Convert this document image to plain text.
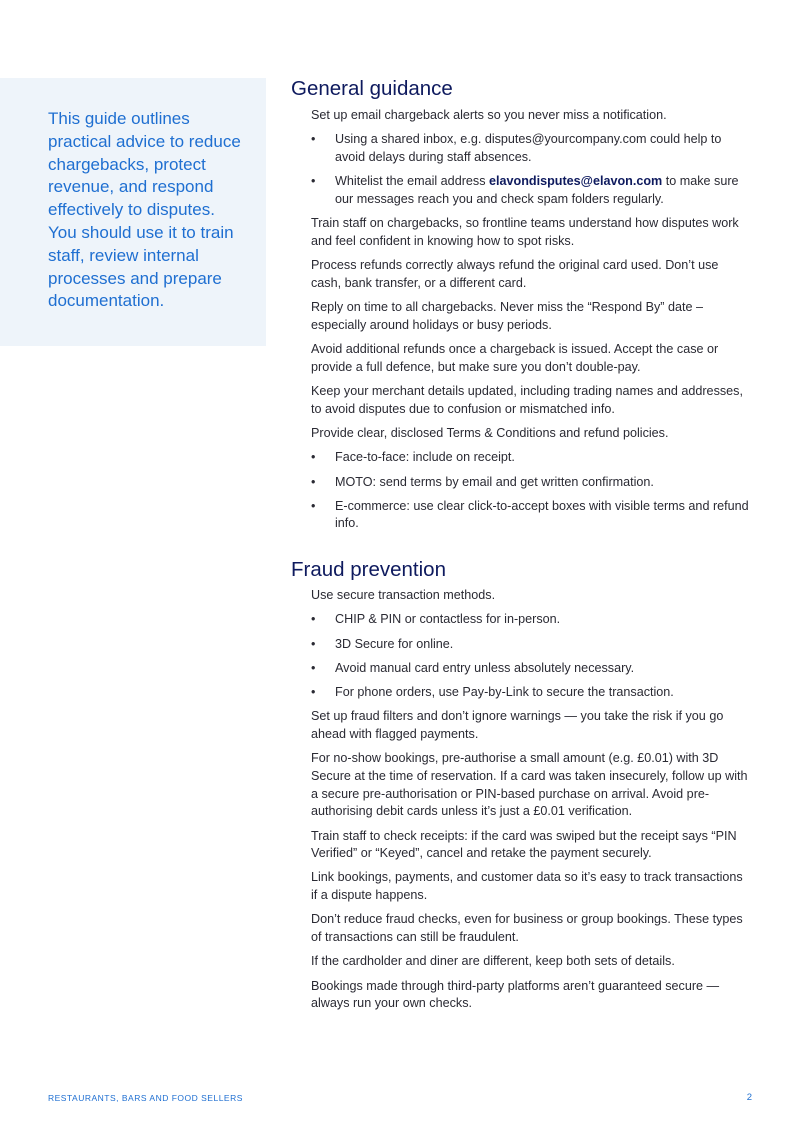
This guide outlines practical advice to reduce chargebacks, protect revenue, and respond effectively to disputes. You should use it to train staff, review internal processes and prepare documentation.

General guidance

Set up email chargeback alerts so you never miss a notification.

• Using a shared inbox, e.g. disputes@yourcompany.com could help to avoid delays during staff absences.
• Whitelist the email address elavondisputes@elavon.com to make sure our messages reach you and check spam folders regularly.

Train staff on chargebacks, so frontline teams understand how disputes work and feel confident in knowing how to spot risks.

Process refunds correctly always refund the original card used. Don’t use cash, bank transfer, or a different card.

Reply on time to all chargebacks. Never miss the “Respond By” date – especially around holidays or busy periods.

Avoid additional refunds once a chargeback is issued. Accept the case or provide a full defence, but make sure you don’t double-pay.

Keep your merchant details updated, including trading names and addresses, to avoid disputes due to confusion or mismatched info.

Provide clear, disclosed Terms & Conditions and refund policies.

• Face-to-face: include on receipt.
• MOTO: send terms by email and get written confirmation.
• E-commerce: use clear click-to-accept boxes with visible terms and refund info.
Fraud prevention

Use secure transaction methods.

• CHIP & PIN or contactless for in-person.
• 3D Secure for online.
• Avoid manual card entry unless absolutely necessary.
• For phone orders, use Pay-by-Link to secure the transaction.

Set up fraud filters and don’t ignore warnings — you take the risk if you go ahead with flagged payments.

For no-show bookings, pre-authorise a small amount (e.g. £0.01) with 3D Secure at the time of reservation. If a card was taken insecurely, follow up with a secure pre-authorisation or PIN-based purchase on arrival. Avoid pre-authorising debit cards unless it’s just a £0.01 verification.

Train staff to check receipts: if the card was swiped but the receipt says “PIN Verified” or “Keyed”, cancel and retake the payment securely.

Link bookings, payments, and customer data so it’s easy to track transactions if a dispute happens.

Don’t reduce fraud checks, even for business or group bookings. These types of transactions can still be fraudulent.

If the cardholder and diner are different, keep both sets of details.

Bookings made through third-party platforms aren’t guaranteed secure — always run your own checks.

RESTAURANTS, BARS AND FOOD SELLERS	2
